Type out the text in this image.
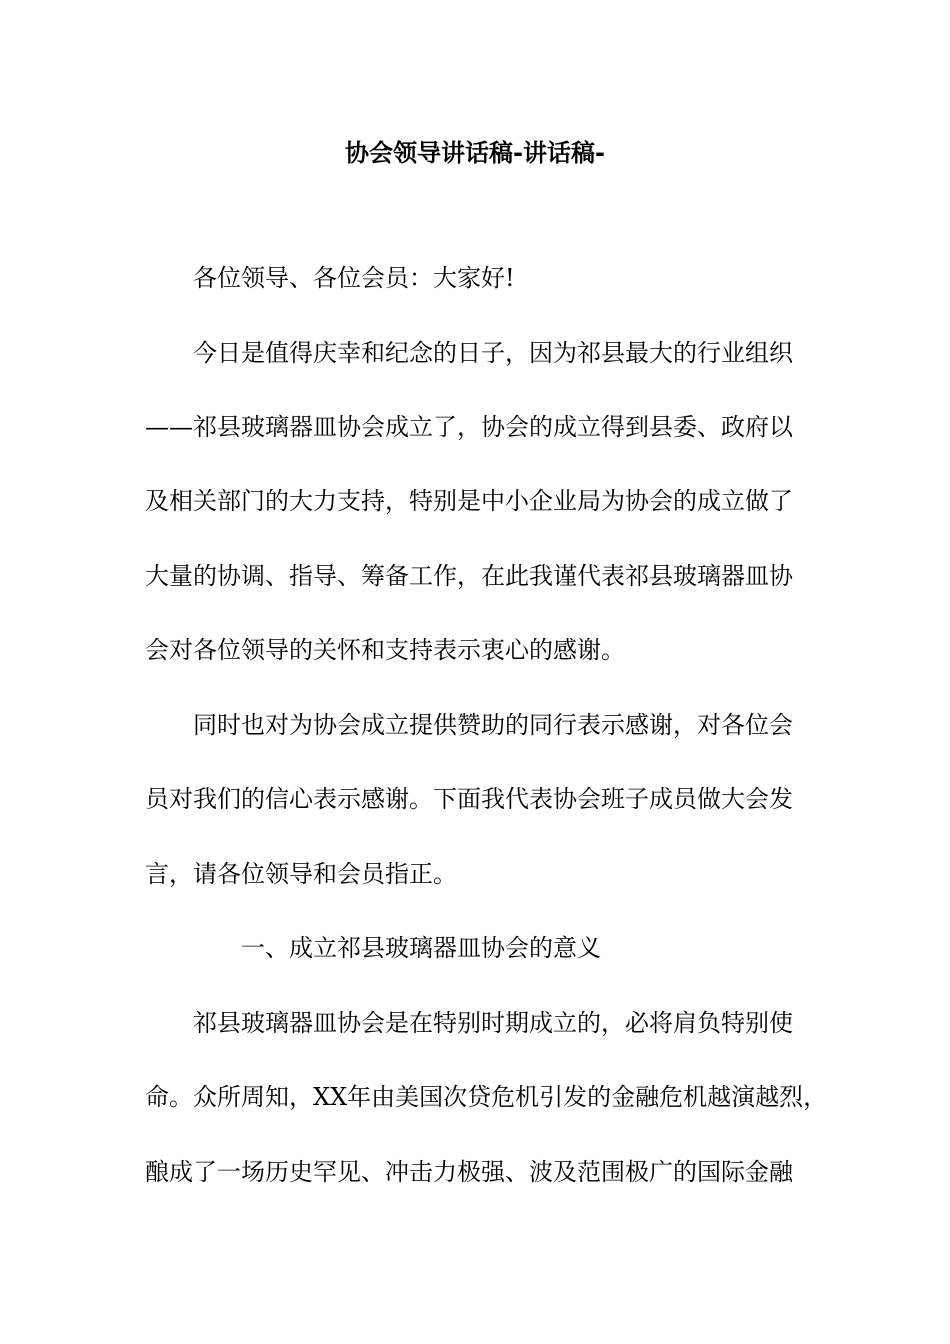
协会领导讲话稿-讲话稿-
各位领导、各位会员：大家好!
今日是值得庆幸和纪念的日子，因为祁县最大的行业组织
——祁县玻璃器皿协会成立了，协会的成立得到县委、政府以
及相关部门的大力支持，特别是中小企业局为协会的成立做了
大量的协调、指导、筹备工作，在此我谨代表祁县玻璃器皿协
会对各位领导的关怀和支持表示衷心的感谢。
同时也对为协会成立提供赞助的同行表示感谢，对各位会
员对我们的信心表示感谢。下面我代表协会班子成员做大会发
言，请各位领导和会员指正。
一、成立祁县玻璃器皿协会的意义
祁县玻璃器皿协会是在特别时期成立的，必将肩负特别使
命。众所周知，XX年由美国次贷危机引发的金融危机越演越烈，
酿成了一场历史罕见、冲击力极强、波及范围极广的国际金融
